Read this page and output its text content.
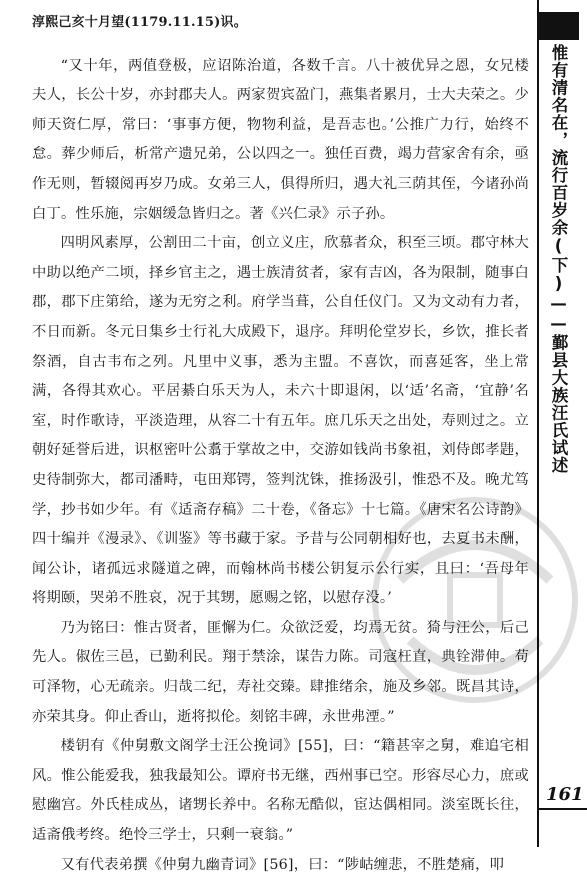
淳熙己亥十月望(1179.11.15)识。

“又十年，两值登极，应诏陈治道，各数千言。八十被优异之恩，女兄楼夫人，长公十岁，亦封郡夫人。两家贺宾盈门，燕集者累月，士大夫荣之。少师天资仁厚，常曰：‘事事方便，物物利益，是吾志也。’公推广力行，始终不怠。葬少师后，析常产遗兄弟，公以四之一。独任百费，竭力营家舍有余，亟作无则，暂辍阅再岁乃成。女弟三人，俱得所归，遇大礼三荫其侄，今诸孙尚白丁。性乐施，宗姻缓急皆归之。著《兴仁录》示子孙。

四明风素厚，公割田二十亩，创立义庄，欣慕者众，积至三顷。郡守林大中助以绝产二顷，择乡官主之，遇士族清贫者，家有吉凶，各为限制，随事白郡，郡下庄第给，遂为无穷之利。府学当葺，公自任仪门。又为文动有力者，不日而新。冬元日集乡士行礼大成殿下，退序。拜明伦堂岁长，乡饮，推长者祭酒，自古韦布之列。凡里中义事，悉为主盟。不喜饮，而喜延客，坐上常满，各得其欢心。平居綦白乐天为人，未六十即退闲，以‘适’名斋，‘宜静’名室，时作歌诗，平淡造理，从容二十有五年。庶几乐天之出处，寿则过之。立朝好延誉后进，识枢密叶公翥于掌故之中，交游如钱尚书象祖，刘侍郎孝韪，史待制弥大，都司潘畤，屯田郑锷，签判沈铢，推扬汲引，惟恐不及。晚尤笃学，抄书如少年。有《适斋存稿》二十卷，《备忘》十七篇。《唐宋名公诗韵》四十编并《漫录》、《训鉴》等书藏于家。予昔与公同朝相好也，去夏书未酬，闻公讣，诸孤远求隧道之碑，而翰林尚书楼公钥复示公行实，且曰：‘吾母年将期颐，哭弟不胜哀，况于其甥，愿赐之铭，以慰存没。’

乃为铭曰：惟古贤者，匪懈为仁。众欲泛爱，均焉无贫。猗与汪公，后己先人。俶佐三邑，已勤利民。翔于禁涂，谋告力陈。司寇枉直，典铨滞伸。苟可泽物，心无疏亲。归哉二纪，寿社交臻。肆推绪余，施及乡邻。既昌其诗，亦荣其身。仰止香山，逝将拟伦。刻铭丰碑，永世弗湮。”

楼钥有《仲舅敷文阁学士汪公挽词》[55]，曰：“籍甚宰之舅，难追宅相风。惟公能爱我，独我最知公。谭府书无继，西州事已空。形容尽心力，庶或慰幽宫。外氏桂成丛，诸甥长养中。名称无酷似，宦达偶相同。淡室既长往，适斋俄考终。绝怜三学士，只剩一衰翁。”

又有代表弟撰《仲舅九幽青词》[56]，曰：“陟岵缠悲，不胜楚痛，叩

惟有清名在，流行百岁余(下)——鄞县大族汪氏试述
161
